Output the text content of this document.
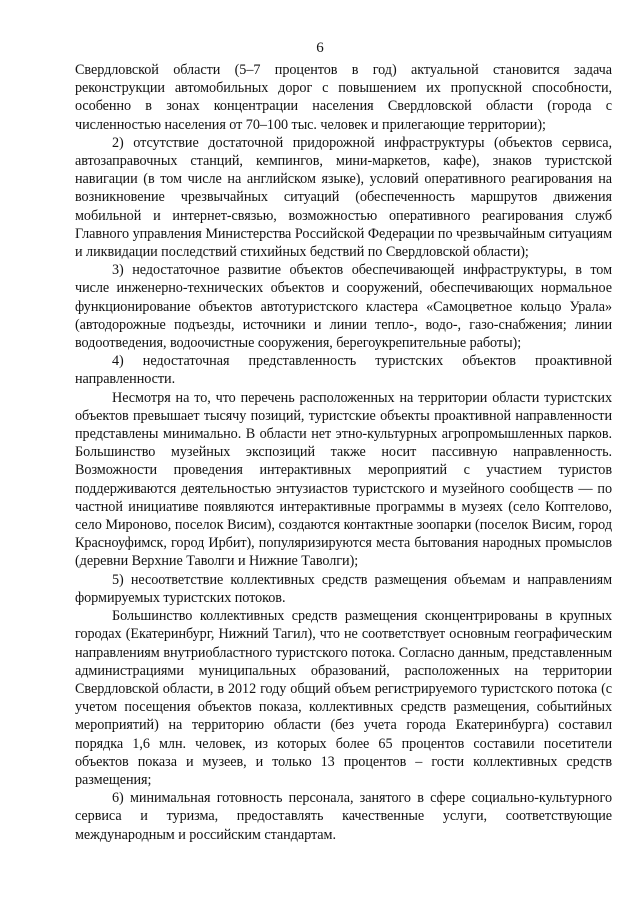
6

Свердловской области (5–7 процентов в год) актуальной становится задача реконструкции автомобильных дорог с повышением их пропускной способности, особенно в зонах концентрации населения Свердловской области (города с численностью населения от 70–100 тыс. человек и прилегающие территории);

2) отсутствие достаточной придорожной инфраструктуры (объектов сервиса, автозаправочных станций, кемпингов, мини-маркетов, кафе), знаков туристской навигации (в том числе на английском языке), условий оперативного реагирования на возникновение чрезвычайных ситуаций (обеспеченность маршрутов движения мобильной и интернет-связью, возможностью оперативного реагирования служб Главного управления Министерства Российской Федерации по чрезвычайным ситуациям и ликвидации последствий стихийных бедствий по Свердловской области);

3) недостаточное развитие объектов обеспечивающей инфраструктуры, в том числе инженерно-технических объектов и сооружений, обеспечивающих нормальное функционирование объектов автотуристского кластера «Самоцветное кольцо Урала» (автодорожные подъезды, источники и линии тепло-, водо-, газо-снабжения; линии водоотведения, водоочистные сооружения, берегоукрепительные работы);

4) недостаточная представленность туристских объектов проактивной направленности.

Несмотря на то, что перечень расположенных на территории области туристских объектов превышает тысячу позиций, туристские объекты проактивной направленности представлены минимально. В области нет этно-культурных агропромышленных парков. Большинство музейных экспозиций также носит пассивную направленность. Возможности проведения интерактивных мероприятий с участием туристов поддерживаются деятельностью энтузиастов туристского и музейного сообществ — по частной инициативе появляются интерактивные программы в музеях (село Коптелово, село Мироново, поселок Висим), создаются контактные зоопарки (поселок Висим, город Красноуфимск, город Ирбит), популяризируются места бытования народных промыслов (деревни Верхние Таволги и Нижние Таволги);

5) несоответствие коллективных средств размещения объемам и направлениям формируемых туристских потоков.

Большинство коллективных средств размещения сконцентрированы в крупных городах (Екатеринбург, Нижний Тагил), что не соответствует основным географическим направлениям внутриобластного туристского потока. Согласно данным, представленным администрациями муниципальных образований, расположенных на территории Свердловской области, в 2012 году общий объем регистрируемого туристского потока (с учетом посещения объектов показа, коллективных средств размещения, событийных мероприятий) на территорию области (без учета города Екатеринбурга) составил порядка 1,6 млн. человек, из которых более 65 процентов составили посетители объектов показа и музеев, и только 13 процентов – гости коллективных средств размещения;

6) минимальная готовность персонала, занятого в сфере социально-культурного сервиса и туризма, предоставлять качественные услуги, соответствующие международным и российским стандартам.
